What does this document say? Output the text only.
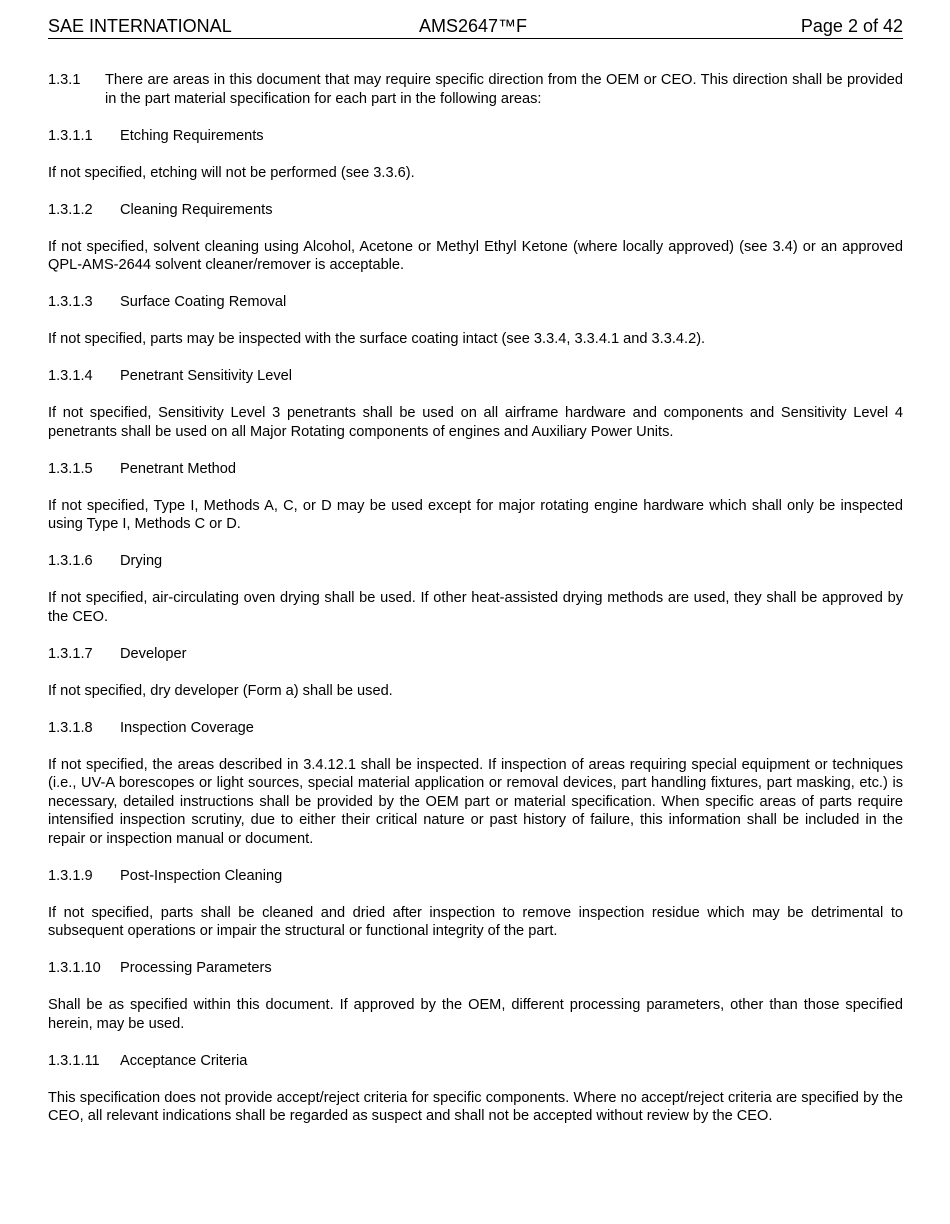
SAE INTERNATIONAL	AMS2647™F	Page 2 of 42
1.3.1	There are areas in this document that may require specific direction from the OEM or CEO. This direction shall be provided in the part material specification for each part in the following areas:
1.3.1.1	Etching Requirements

If not specified, etching will not be performed (see 3.3.6).

1.3.1.2	Cleaning Requirements

If not specified, solvent cleaning using Alcohol, Acetone or Methyl Ethyl Ketone (where locally approved) (see 3.4) or an approved QPL-AMS-2644 solvent cleaner/remover is acceptable.

1.3.1.3	Surface Coating Removal

If not specified, parts may be inspected with the surface coating intact (see 3.3.4, 3.3.4.1 and 3.3.4.2).

1.3.1.4	Penetrant Sensitivity Level

If not specified, Sensitivity Level 3 penetrants shall be used on all airframe hardware and components and Sensitivity Level 4 penetrants shall be used on all Major Rotating components of engines and Auxiliary Power Units.

1.3.1.5	Penetrant Method

If not specified, Type I, Methods A, C, or D may be used except for major rotating engine hardware which shall only be inspected using Type I, Methods C or D.

1.3.1.6	Drying

If not specified, air-circulating oven drying shall be used. If other heat-assisted drying methods are used, they shall be approved by the CEO.

1.3.1.7	Developer

If not specified, dry developer (Form a) shall be used.

1.3.1.8	Inspection Coverage

If not specified, the areas described in 3.4.12.1 shall be inspected. If inspection of areas requiring special equipment or techniques (i.e., UV-A borescopes or light sources, special material application or removal devices, part handling fixtures, part masking, etc.) is necessary, detailed instructions shall be provided by the OEM part or material specification. When specific areas of parts require intensified inspection scrutiny, due to either their critical nature or past history of failure, this information shall be included in the repair or inspection manual or document.

1.3.1.9	Post-Inspection Cleaning

If not specified, parts shall be cleaned and dried after inspection to remove inspection residue which may be detrimental to subsequent operations or impair the structural or functional integrity of the part.

1.3.1.10	Processing Parameters

Shall be as specified within this document. If approved by the OEM, different processing parameters, other than those specified herein, may be used.

1.3.1.11	Acceptance Criteria

This specification does not provide accept/reject criteria for specific components. Where no accept/reject criteria are specified by the CEO, all relevant indications shall be regarded as suspect and shall not be accepted without review by the CEO.
